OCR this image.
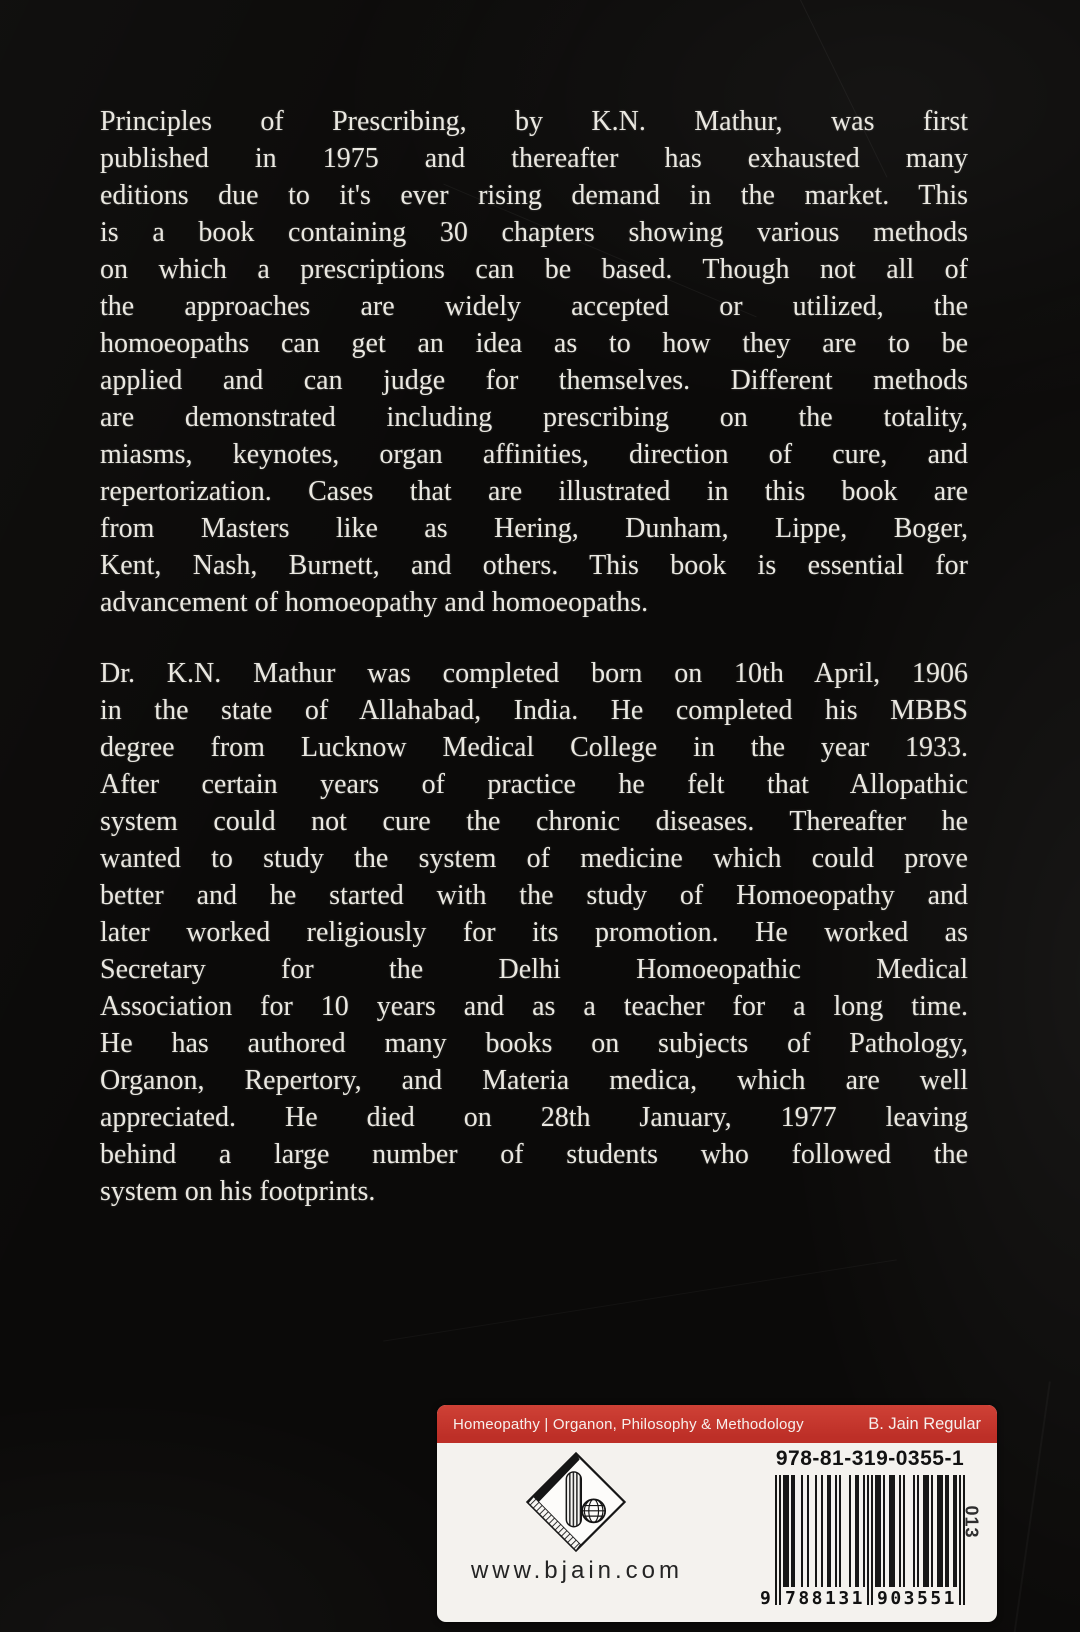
Principles of Prescribing, by K.N. Mathur, was first
published in 1975 and thereafter has exhausted many
editions due to it's ever rising demand in the market. This
is a book containing 30 chapters showing various methods
on which a prescriptions can be based. Though not all of
the approaches are widely accepted or utilized, the
homoeopaths can get an idea as to how they are to be
applied and can judge for themselves. Different methods
are demonstrated including prescribing on the totality,
miasms, keynotes, organ affinities, direction of cure, and
repertorization. Cases that are illustrated in this book are
from Masters like as Hering, Dunham, Lippe, Boger,
Kent, Nash, Burnett, and others. This book is essential for
advancement of homoeopathy and homoeopaths.
Dr. K.N. Mathur was completed born on 10th April, 1906
in the state of Allahabad, India. He completed his MBBS
degree from Lucknow Medical College in the year 1933.
After certain years of practice he felt that Allopathic
system could not cure the chronic diseases. Thereafter he
wanted to study the system of medicine which could prove
better and he started with the study of Homoeopathy and
later worked religiously for its promotion. He worked as
Secretary for the Delhi Homoeopathic Medical
Association for 10 years and as a teacher for a long time.
He has authored many books on subjects of Pathology,
Organon, Repertory, and Materia medica, which are well
appreciated. He died on 28th January, 1977 leaving
behind a large number of students who followed the
system on his footprints.
Homeopathy | Organon, Philosophy & Methodology	B. Jain Regular
www.bjain.com
978-81-319-0355-1
9 788131 903551
013
